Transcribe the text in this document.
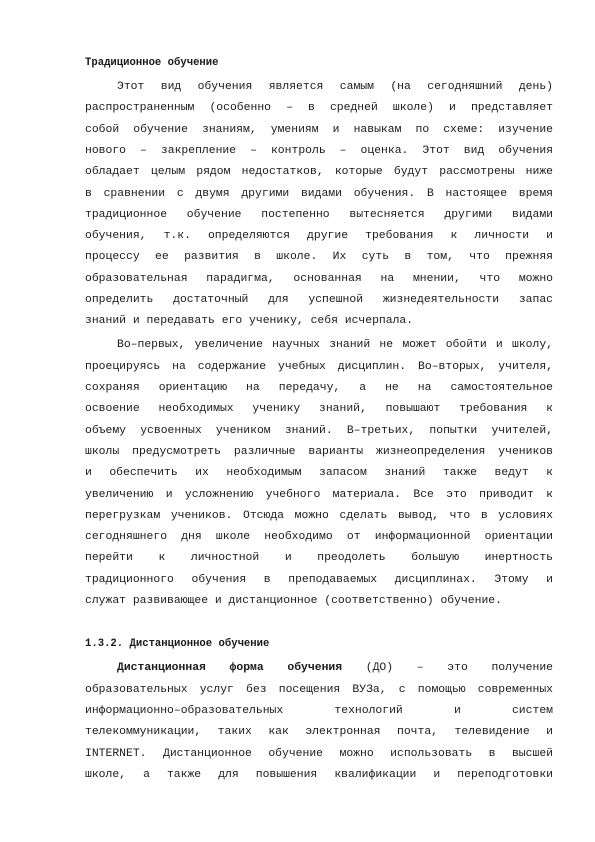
Традиционное обучение
Этот вид обучения является самым (на сегодняшний день)
распространенным (особенно – в средней школе) и представляет
собой обучение знаниям, умениям и навыкам по схеме: изучение
нового – закрепление – контроль – оценка. Этот вид обучения
обладает целым рядом недостатков, которые будут рассмотрены ниже
в сравнении с двумя другими видами обучения. В настоящее время
традиционное обучение постепенно вытесняется другими видами
обучения, т.к. определяются другие требования к личности и
процессу ее развития в школе. Их суть в том, что прежняя
образовательная парадигма, основанная на мнении, что можно
определить достаточный для успешной жизнедеятельности запас
знаний и передавать его ученику, себя исчерпала.
Во–первых, увеличение научных знаний не может обойти и школу,
проецируясь на содержание учебных дисциплин. Во–вторых, учителя,
сохраняя ориентацию на передачу, а не на самостоятельное
освоение необходимых ученику знаний, повышают требования к
объему усвоенных учеником знаний. В–третьих, попытки учителей,
школы предусмотреть различные варианты жизнеопределения учеников
и обеспечить их необходимым запасом знаний также ведут к
увеличению и усложнению учебного материала. Все это приводит к
перегрузкам учеников. Отсюда можно сделать вывод, что в условиях
сегодняшнего дня школе необходимо от информационной ориентации
перейти к личностной и преодолеть большую инертность
традиционного обучения в преподаваемых дисциплинах. Этому и
служат развивающее и дистанционное (соответственно) обучение.
1.3.2. Дистанционное обучение
Дистанционная форма обучения (ДО) – это получение
образовательных услуг без посещения ВУЗа, с помощью современных
информационно–образовательных технологий и систем
телекоммуникации, таких как электронная почта, телевидение и
INTERNET. Дистанционное обучение можно использовать в высшей
школе, а также для повышения квалификации и переподготовки
